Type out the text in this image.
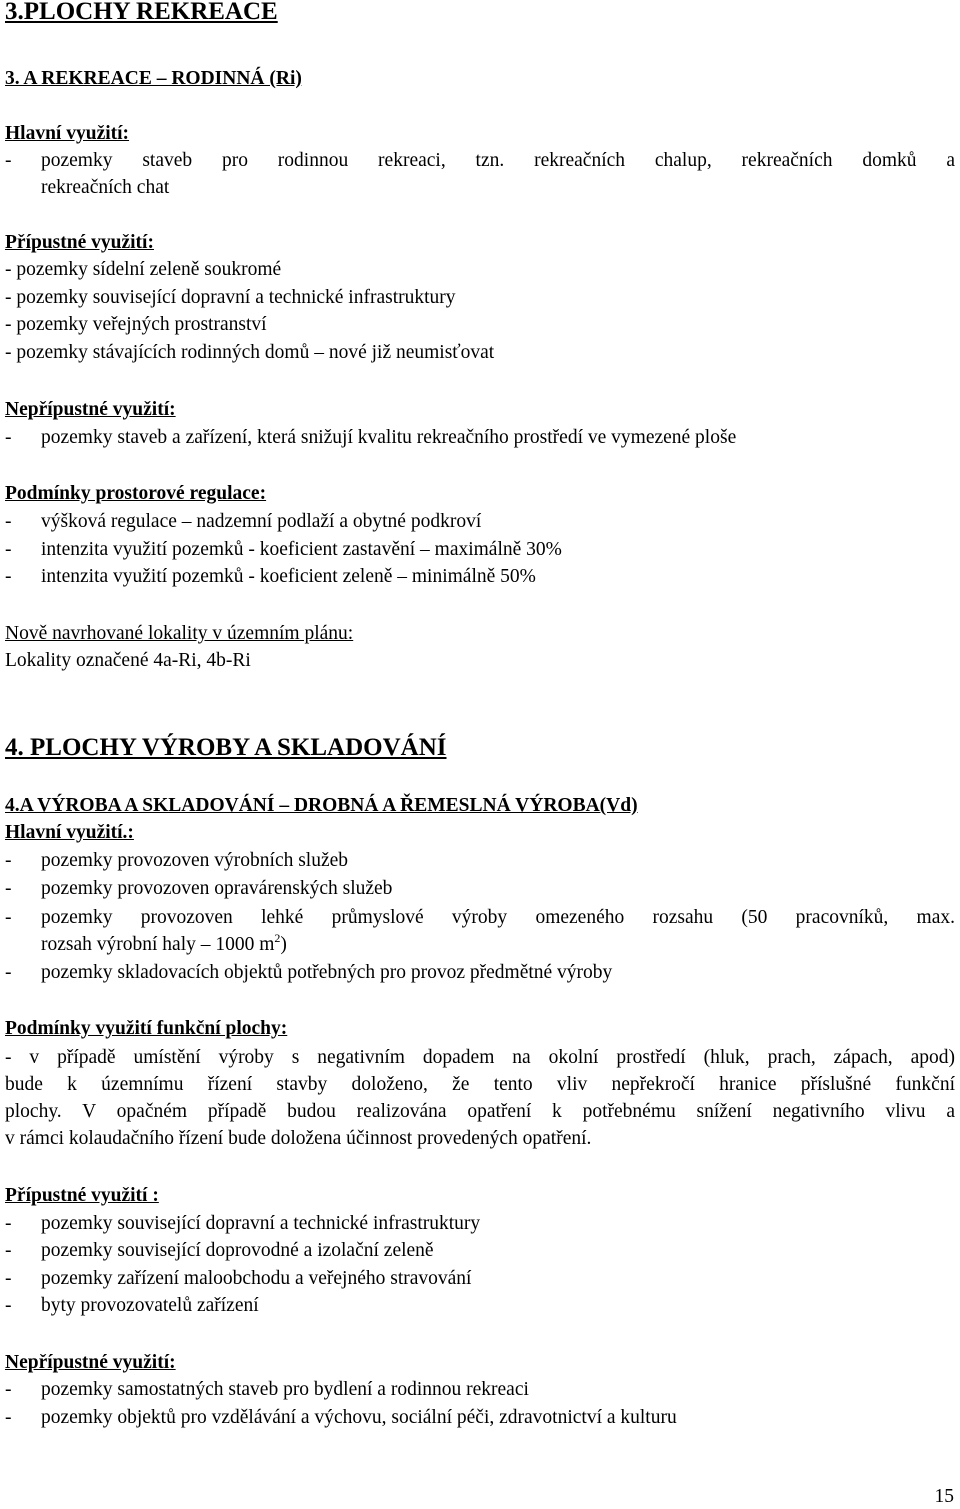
3.PLOCHY REKREACE
3. A REKREACE – RODINNÁ (Ri)
Hlavní využití:
- pozemky staveb pro rodinnou rekreaci, tzn. rekreačních chalup, rekreačních domků a
rekreačních chat
Přípustné využití:
- pozemky sídelní zeleně soukromé
- pozemky související dopravní a technické infrastruktury
- pozemky veřejných prostranství
- pozemky stávajících rodinných domů – nové již neumisťovat
Nepřípustné využití:
- pozemky staveb a zařízení, která snižují kvalitu rekreačního prostředí ve vymezené ploše
Podmínky prostorové regulace:
- výšková regulace – nadzemní podlaží a obytné podkroví
- intenzita využití pozemků - koeficient zastavění – maximálně 30%
- intenzita využití pozemků - koeficient zeleně – minimálně 50%
Nově navrhované lokality v územním plánu:
Lokality označené 4a-Ri, 4b-Ri
4. PLOCHY VÝROBY A SKLADOVÁNÍ
4.A VÝROBA A SKLADOVÁNÍ – DROBNÁ A ŘEMESLNÁ VÝROBA(Vd)
Hlavní využití.:
- pozemky provozoven výrobních služeb
- pozemky provozoven opravárenských služeb
- pozemky provozoven lehké průmyslové výroby omezeného rozsahu (50 pracovníků, max.
rozsah výrobní haly – 1000 $m^2$)
- pozemky skladovacích objektů potřebných pro provoz předmětné výroby
Podmínky využití funkční plochy:
- v případě umístění výroby s negativním dopadem na okolní prostředí (hluk, prach, zápach, apod)
bude k územnímu řízení stavby doloženo, že tento vliv nepřekročí hranice příslušné funkční
plochy. V opačném případě budou realizována opatření k potřebnému snížení negativního vlivu a
v rámci kolaudačního řízení bude doložena účinnost provedených opatření.
Přípustné využití :
- pozemky související dopravní a technické infrastruktury
- pozemky související doprovodné a izolační zeleně
- pozemky zařízení maloobchodu a veřejného stravování
- byty provozovatelů zařízení
Nepřípustné využití:
- pozemky samostatných staveb pro bydlení a rodinnou rekreaci
- pozemky objektů pro vzdělávání a výchovu, sociální péči, zdravotnictví a kulturu
15
